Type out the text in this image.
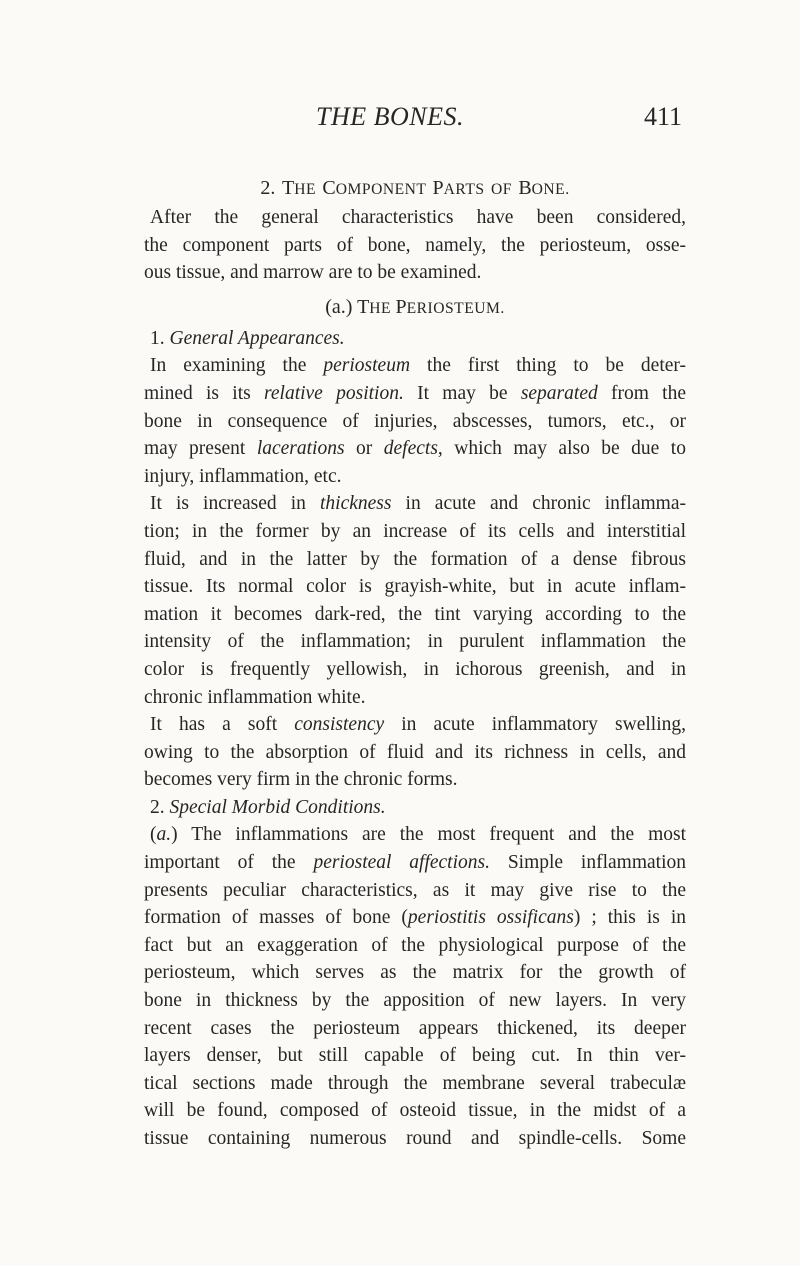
THE BONES.	411
2. THE COMPONENT PARTS OF BONE.

After the general characteristics have been considered,
the component parts of bone, namely, the periosteum, osse-
ous tissue, and marrow are to be examined.

(a.) THE PERIOSTEUM.

1. General Appearances.

In examining the periosteum the first thing to be deter-
mined is its relative position. It may be separated from the
bone in consequence of injuries, abscesses, tumors, etc., or
may present lacerations or defects, which may also be due to
injury, inflammation, etc.

It is increased in thickness in acute and chronic inflamma-
tion; in the former by an increase of its cells and interstitial
fluid, and in the latter by the formation of a dense fibrous
tissue. Its normal color is grayish-white, but in acute inflam-
mation it becomes dark-red, the tint varying according to the
intensity of the inflammation; in purulent inflammation the
color is frequently yellowish, in ichorous greenish, and in
chronic inflammation white.

It has a soft consistency in acute inflammatory swelling,
owing to the absorption of fluid and its richness in cells, and
becomes very firm in the chronic forms.

2. Special Morbid Conditions.

(a.) The inflammations are the most frequent and the most
important of the periosteal affections. Simple inflammation
presents peculiar characteristics, as it may give rise to the
formation of masses of bone (periostitis ossificans) ; this is in
fact but an exaggeration of the physiological purpose of the
periosteum, which serves as the matrix for the growth of
bone in thickness by the apposition of new layers. In very
recent cases the periosteum appears thickened, its deeper
layers denser, but still capable of being cut. In thin ver-
tical sections made through the membrane several trabeculæ
will be found, composed of osteoid tissue, in the midst of a
tissue containing numerous round and spindle-cells. Some
